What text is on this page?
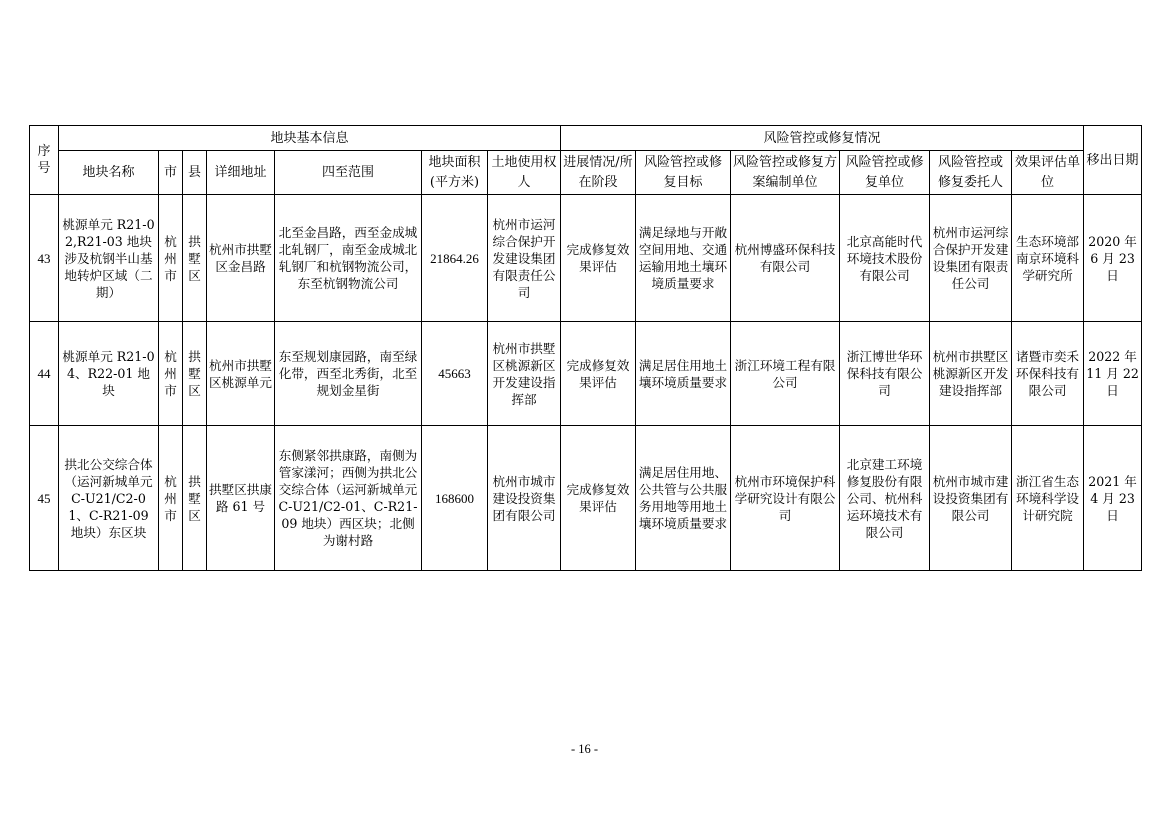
序号	地块基本信息							风险管控或修复情况						移出日期
	地块名称	市	县	详细地址	四至范围	地块面积(平方米)	土地使用权人	进展情况/所在阶段	风险管控或修复目标	风险管控或修复方案编制单位	风险管控或修复单位	风险管控或修复委托人	效果评估单位	
43	桃源单元 R21-02,R21-03 地块涉及杭钢半山基地转炉区域（二期）	杭州市	拱墅区	杭州市拱墅区金昌路	北至金昌路，西至金成城北轧钢厂，南至金成城北轧钢厂和杭钢物流公司，东至杭钢物流公司	21864.26	杭州市运河综合保护开发建设集团有限责任公司	完成修复效果评估	满足绿地与开敞空间用地、交通运输用地土壤环境质量要求	杭州博盛环保科技有限公司	北京高能时代环境技术股份有限公司	杭州市运河综合保护开发建设集团有限责任公司	生态环境部南京环境科学研究所	2020 年 6 月 23 日
44	桃源单元 R21-04、R22-01 地块	杭州市	拱墅区	杭州市拱墅区桃源单元	东至规划康园路，南至绿化带，西至北秀街，北至规划金星街	45663	杭州市拱墅区桃源新区开发建设指挥部	完成修复效果评估	满足居住用地土壤环境质量要求	浙江环境工程有限公司	浙江博世华环保科技有限公司	杭州市拱墅区桃源新区开发建设指挥部	诸暨市奕禾环保科技有限公司	2022 年 11 月 22 日
45	拱北公交综合体（运河新城单元 C-U21/C2-01、C-R21-09 地块）东区块	杭州市	拱墅区	拱墅区拱康路 61 号	东侧紧邻拱康路，南侧为管家漾河；西侧为拱北公交综合体（运河新城单元 C-U21/C2-01、C-R21-09 地块）西区块；北侧为谢村路	168600	杭州市城市建设投资集团有限公司	完成修复效果评估	满足居住用地、公共管与公共服务用地等用地土壤环境质量要求	杭州市环境保护科学研究设计有限公司	北京建工环境修复股份有限公司、杭州科运环境技术有限公司	杭州市城市建设投资集团有限公司	浙江省生态环境科学设计研究院	2021 年 4 月 23 日
- 16 -
